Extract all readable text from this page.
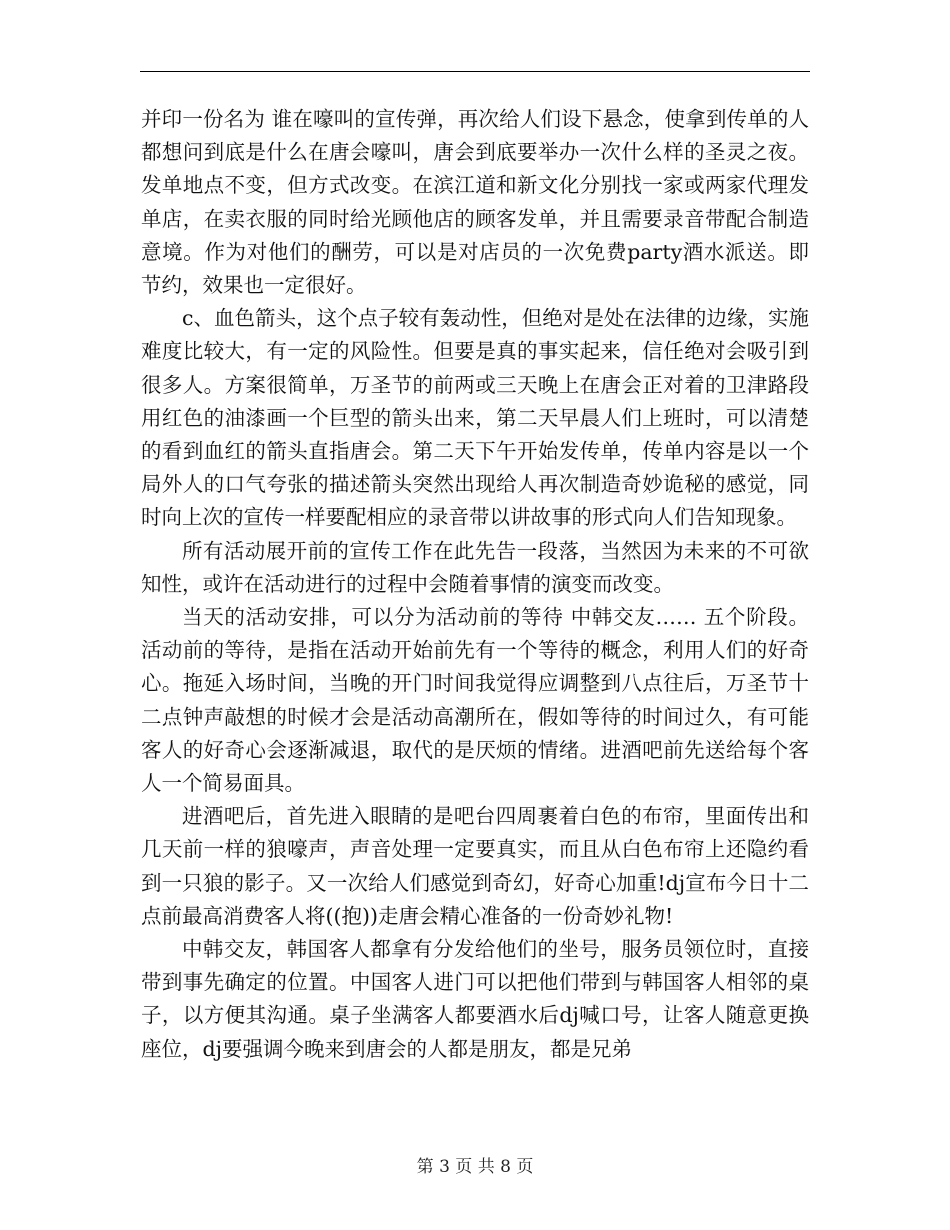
并印一份名为 谁在嚎叫的宣传弹，再次给人们设下悬念，使拿到传单的人都想问到底是什么在唐会嚎叫，唐会到底要举办一次什么样的圣灵之夜。发单地点不变，但方式改变。在滨江道和新文化分别找一家或两家代理发单店，在卖衣服的同时给光顾他店的顾客发单，并且需要录音带配合制造意境。作为对他们的酬劳，可以是对店员的一次免费party酒水派送。即节约，效果也一定很好。

c、血色箭头，这个点子较有轰动性，但绝对是处在法律的边缘，实施难度比较大，有一定的风险性。但要是真的事实起来，信任绝对会吸引到很多人。方案很简单，万圣节的前两或三天晚上在唐会正对着的卫津路段用红色的油漆画一个巨型的箭头出来，第二天早晨人们上班时，可以清楚的看到血红的箭头直指唐会。第二天下午开始发传单，传单内容是以一个局外人的口气夸张的描述箭头突然出现给人再次制造奇妙诡秘的感觉，同时向上次的宣传一样要配相应的录音带以讲故事的形式向人们告知现象。

所有活动展开前的宣传工作在此先告一段落，当然因为未来的不可欲知性，或许在活动进行的过程中会随着事情的演变而改变。

当天的活动安排，可以分为活动前的等待 中韩交友…… 五个阶段。活动前的等待，是指在活动开始前先有一个等待的概念，利用人们的好奇心。拖延入场时间，当晚的开门时间我觉得应调整到八点往后，万圣节十二点钟声敲想的时候才会是活动高潮所在，假如等待的时间过久，有可能客人的好奇心会逐渐减退，取代的是厌烦的情绪。进酒吧前先送给每个客人一个简易面具。

进酒吧后，首先进入眼睛的是吧台四周裹着白色的布帘，里面传出和几天前一样的狼嚎声，声音处理一定要真实，而且从白色布帘上还隐约看到一只狼的影子。又一次给人们感觉到奇幻，好奇心加重!dj宣布今日十二点前最高消费客人将((抱))走唐会精心准备的一份奇妙礼物!

中韩交友，韩国客人都拿有分发给他们的坐号，服务员领位时，直接带到事先确定的位置。中国客人进门可以把他们带到与韩国客人相邻的桌子，以方便其沟通。桌子坐满客人都要酒水后dj喊口号，让客人随意更换座位，dj要强调今晚来到唐会的人都是朋友，都是兄弟

第 3 页 共 8 页
